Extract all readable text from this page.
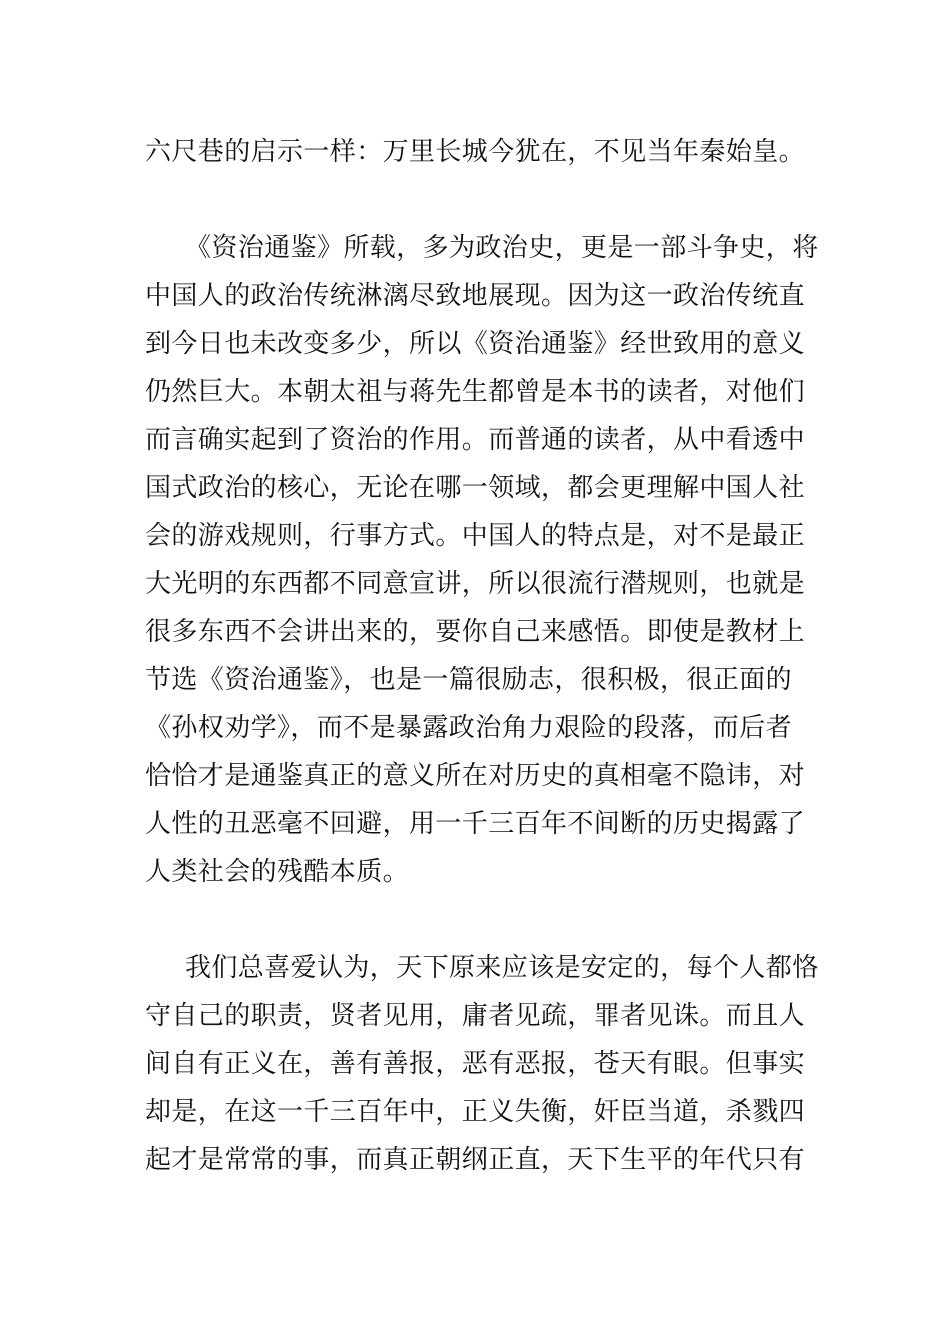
六尺巷的启示一样：万里长城今犹在，不见当年秦始皇。
《资治通鉴》所载，多为政治史，更是一部斗争史，将
中国人的政治传统淋漓尽致地展现。因为这一政治传统直
到今日也未改变多少，所以《资治通鉴》经世致用的意义
仍然巨大。本朝太祖与蒋先生都曾是本书的读者，对他们
而言确实起到了资治的作用。而普通的读者，从中看透中
国式政治的核心，无论在哪一领域，都会更理解中国人社
会的游戏规则，行事方式。中国人的特点是，对不是最正
大光明的东西都不同意宣讲，所以很流行潜规则，也就是
很多东西不会讲出来的，要你自己来感悟。即使是教材上
节选《资治通鉴》，也是一篇很励志，很积极，很正面的
《孙权劝学》，而不是暴露政治角力艰险的段落，而后者
恰恰才是通鉴真正的意义所在对历史的真相毫不隐讳，对
人性的丑恶毫不回避，用一千三百年不间断的历史揭露了
人类社会的残酷本质。
我们总喜爱认为，天下原来应该是安定的，每个人都恪
守自己的职责，贤者见用，庸者见疏，罪者见诛。而且人
间自有正义在，善有善报，恶有恶报，苍天有眼。但事实
却是，在这一千三百年中，正义失衡，奸臣当道，杀戮四
起才是常常的事，而真正朝纲正直，天下生平的年代只有
